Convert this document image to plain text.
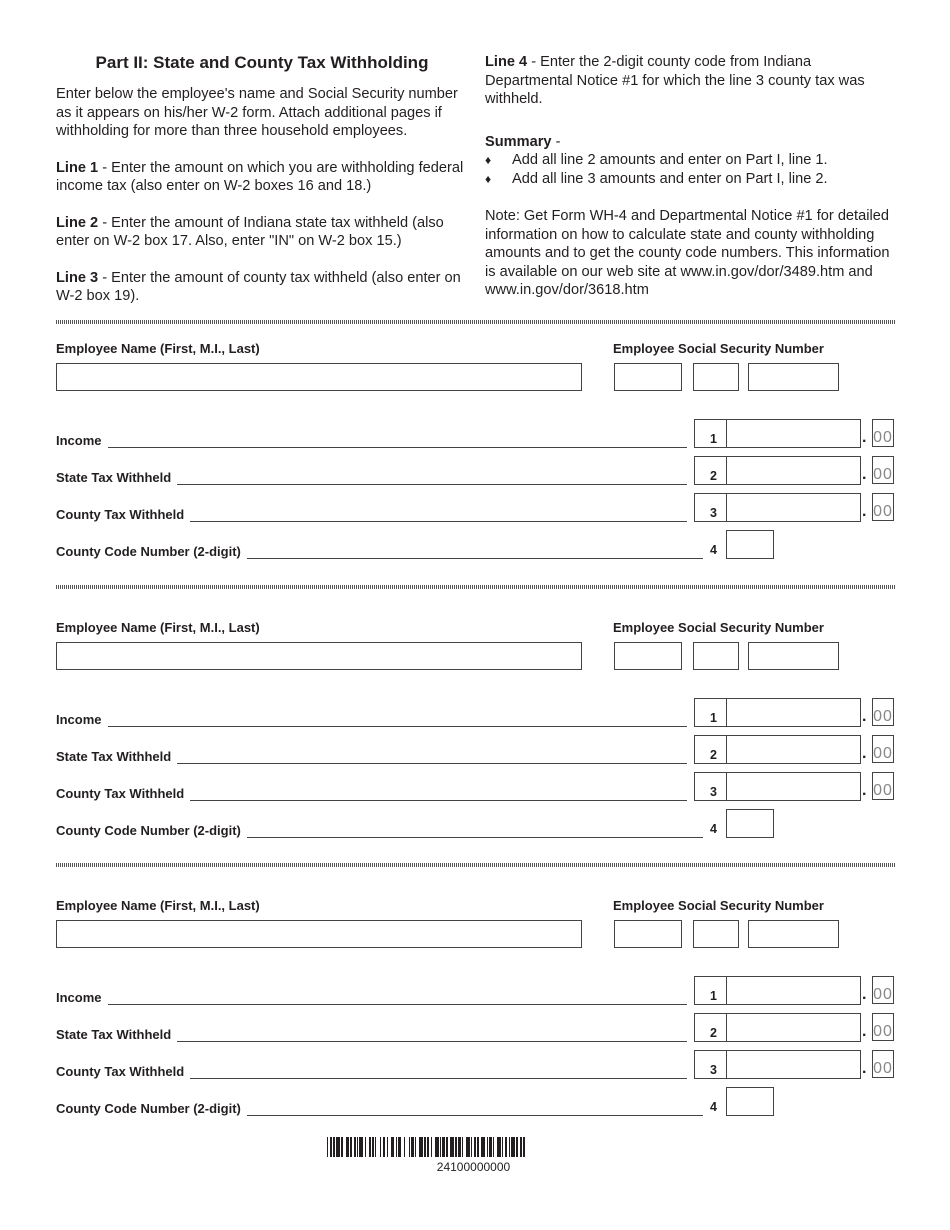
Part II: State and County Tax Withholding

Enter below the employee's name and Social Security number as it appears on his/her W-2 form. Attach additional pages if withholding for more than three household employees.

Line 1 - Enter the amount on which you are withholding federal income tax (also enter on W-2 boxes 16 and 18.)

Line 2 - Enter the amount of Indiana state tax withheld (also enter on W-2 box 17. Also, enter "IN" on W-2 box 15.)

Line 3 - Enter the amount of county tax withheld (also enter on W-2 box 19).

Line 4 - Enter the 2-digit county code from Indiana Departmental Notice #1 for which the line 3 county tax was withheld.

Summary -
♦ Add all line 2 amounts and enter on Part I, line 1.
♦ Add all line 3 amounts and enter on Part I, line 2.

Note: Get Form WH-4 and Departmental Notice #1 for detailed information on how to calculate state and county withholding amounts and to get the county code numbers. This information is available on our web site at www.in.gov/dor/3489.htm and www.in.gov/dor/3618.htm

Employee Name (First, M.I., Last)	Employee Social Security Number
Income	1	. 00
State Tax Withheld	2	. 00
County Tax Withheld	3	. 00
County Code Number (2-digit)	4
Employee Name (First, M.I., Last)	Employee Social Security Number
Income	1	. 00
State Tax Withheld	2	. 00
County Tax Withheld	3	. 00
County Code Number (2-digit)	4
Employee Name (First, M.I., Last)	Employee Social Security Number
Income	1	. 00
State Tax Withheld	2	. 00
County Tax Withheld	3	. 00
County Code Number (2-digit)	4
24100000000
